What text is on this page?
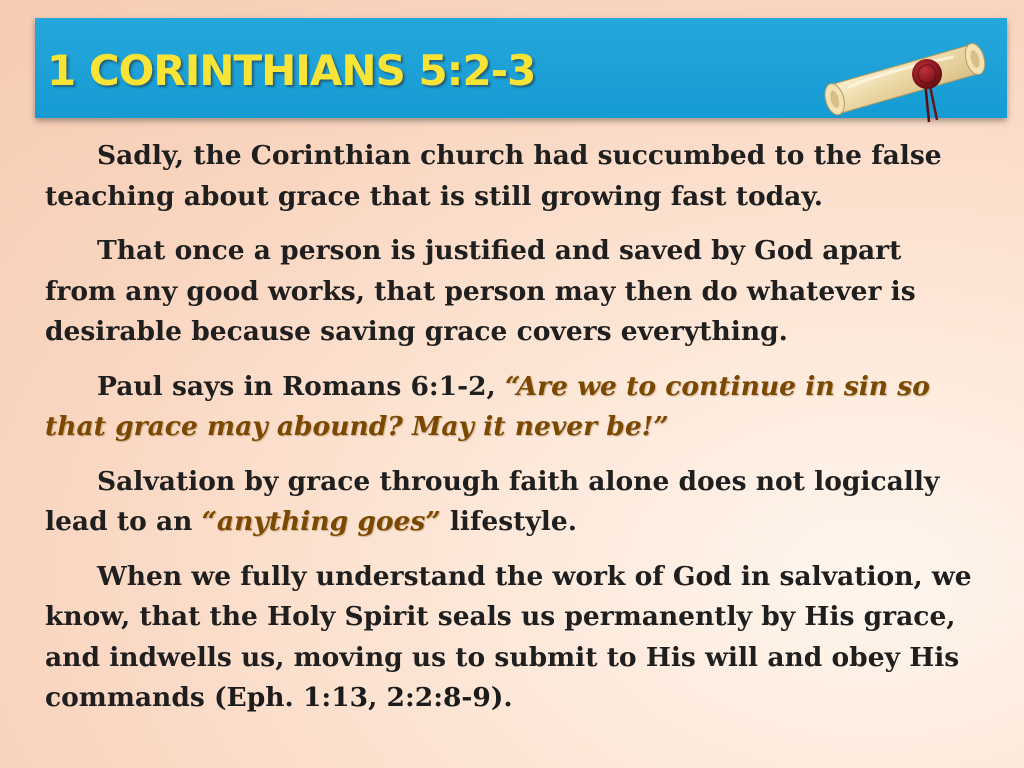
1 CORINTHIANS 5:2-3

Sadly, the Corinthian church had succumbed to the false teaching about grace that is still growing fast today.

That once a person is justified and saved by God apart from any good works, that person may then do whatever is desirable because saving grace covers everything.

Paul says in Romans 6:1-2, “Are we to continue in sin so that grace may abound? May it never be!”

Salvation by grace through faith alone does not logically lead to an “anything goes” lifestyle.

When we fully understand the work of God in salvation, we know, that the Holy Spirit seals us permanently by His grace, and indwells us, moving us to submit to His will and obey His commands (Eph. 1:13, 2:2:8-9).
